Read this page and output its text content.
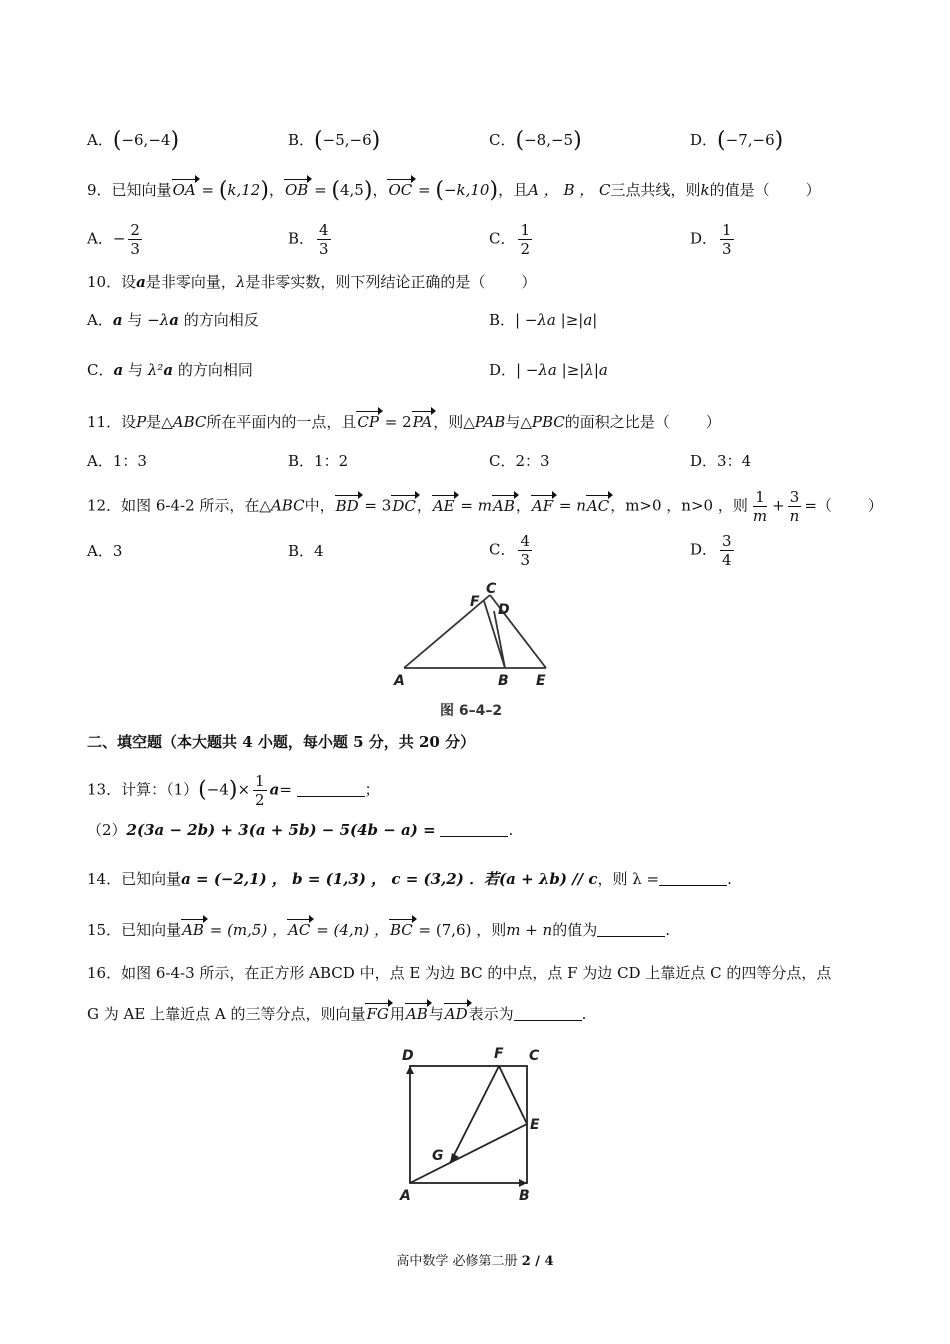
A．(−6,−4)	B．(−5,−6)	C．(−8,−5)	D．(−7,−6)
9．已知向量OA = (k,12)，OB = (4,5)，OC = (−k,10)，且A ， B ， C三点共线，则k的值是（ ）
A．− $\frac{2}{3}$	B． $\frac{4}{3}$	C． $\frac{1}{2}$	D． $\frac{1}{3}$
10．设a是非零向量，λ是非零实数，则下列结论正确的是（ ）
A．a 与 −λa 的方向相反	B．| −λa |≥|a|
C．a 与 λ²a 的方向相同	D．| −λa |≥|λ|a
11．设P是△ABC所在平面内的一点，且CP = 2PA，则△PAB与△PBC的面积之比是（ ）
A．1：3	B．1：2	C．2：3	D．3：4
12．如图 6-4-2 所示，在△ABC中，BD = 3DC，AE = mAB，AF = nAC，m>0 ，n>0 ，则 $\frac{1}{m} + \frac{3}{n}$ =（ ）
A．3	B．4	C． $\frac{4}{3}$	D． $\frac{3}{4}$
A	B E
C
F D
图 6–4–2
二、填空题（本大题共 4 小题，每小题 5 分，共 20 分）
13．计算：$(1)(-4)\times \frac{1}{2} a=$	；
（2）2(3a − 2b) + 3(a + 5b) − 5(4b − a) =	.
14．已知向量a = (−2,1) ， b = (1,3) ， c = (3,2) ．若(a + λb) // c，则 λ =	.
15．已知向量AB = (m,5) ，AC = (4,n) ，BC = (7,6) ，则m + n的值为	.
16．如图 6-4-3 所示，在正方形 ABCD 中，点 E 为边 BC 的中点，点 F 为边 CD 上靠近点 C 的四等分点，点
G 为 AE 上靠近点 A 的三等分点，则向量FG用AB与AD表示为	.
D	F C
E
G
A	B
高中数学 必修第二册 2 / 4
